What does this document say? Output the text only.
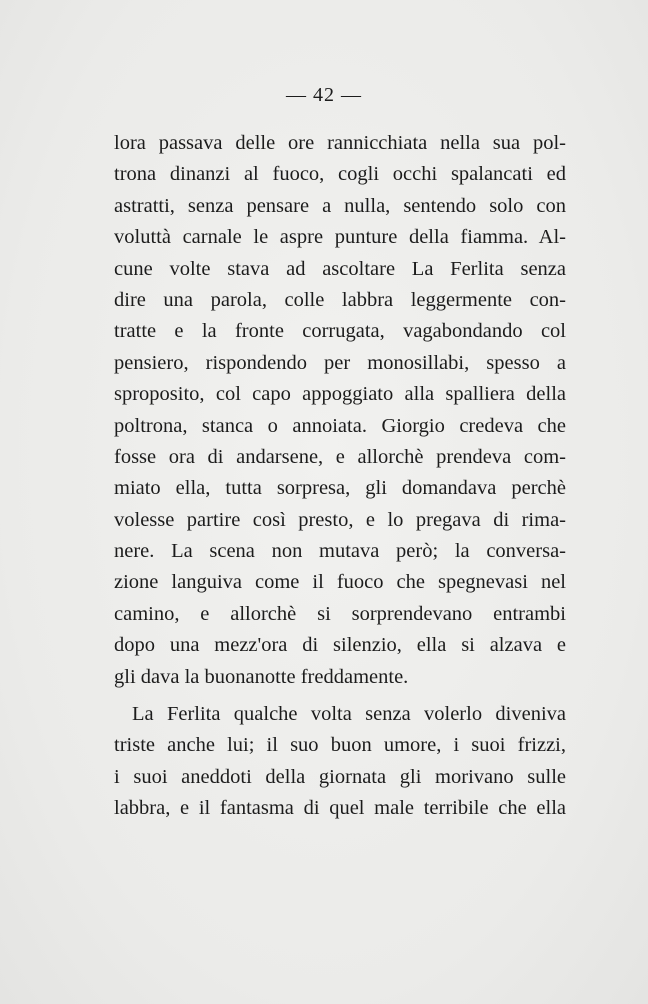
— 42 —
lora passava delle ore rannicchiata nella sua pol-
trona dinanzi al fuoco, cogli occhi spalancati ed
astratti, senza pensare a nulla, sentendo solo con
voluttà carnale le aspre punture della fiamma. Al-
cune volte stava ad ascoltare La Ferlita senza
dire una parola, colle labbra leggermente con-
tratte e la fronte corrugata, vagabondando col
pensiero, rispondendo per monosillabi, spesso a
sproposito, col capo appoggiato alla spalliera della
poltrona, stanca o annoiata. Giorgio credeva che
fosse ora di andarsene, e allorchè prendeva com-
miato ella, tutta sorpresa, gli domandava perchè
volesse partire così presto, e lo pregava di rima-
nere. La scena non mutava però; la conversa-
zione languiva come il fuoco che spegnevasi nel
camino, e allorchè si sorprendevano entrambi
dopo una mezz'ora di silenzio, ella si alzava e
gli dava la buonanotte freddamente.
La Ferlita qualche volta senza volerlo diveniva
triste anche lui; il suo buon umore, i suoi frizzi,
i suoi aneddoti della giornata gli morivano sulle
labbra, e il fantasma di quel male terribile che ella
